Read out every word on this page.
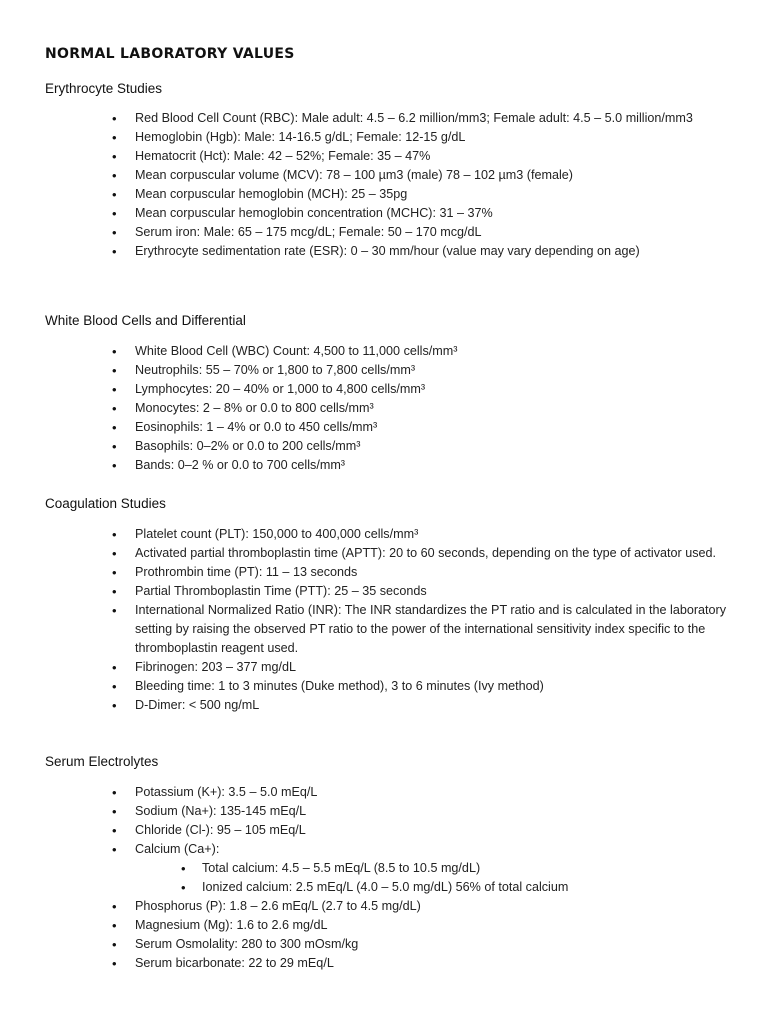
NORMAL LABORATORY VALUES
Erythrocyte Studies
• Red Blood Cell Count (RBC): Male adult: 4.5 – 6.2 million/mm3; Female adult: 4.5 – 5.0 million/mm3
• Hemoglobin (Hgb): Male: 14-16.5 g/dL; Female: 12-15 g/dL
• Hematocrit (Hct): Male: 42 – 52%; Female: 35 – 47%
• Mean corpuscular volume (MCV): 78 – 100 µm3 (male) 78 – 102 µm3 (female)
• Mean corpuscular hemoglobin (MCH): 25 – 35pg
• Mean corpuscular hemoglobin concentration (MCHC): 31 – 37%
• Serum iron: Male: 65 – 175 mcg/dL; Female: 50 – 170 mcg/dL
• Erythrocyte sedimentation rate (ESR): 0 – 30 mm/hour (value may vary depending on age)
White Blood Cells and Differential
• White Blood Cell (WBC) Count: 4,500 to 11,000 cells/mm³
• Neutrophils: 55 – 70% or 1,800 to 7,800 cells/mm³
• Lymphocytes: 20 – 40% or 1,000 to 4,800 cells/mm³
• Monocytes: 2 – 8% or 0.0 to 800 cells/mm³
• Eosinophils: 1 – 4% or 0.0 to 450 cells/mm³
• Basophils: 0–2% or 0.0 to 200 cells/mm³
• Bands: 0–2 % or 0.0 to 700 cells/mm³
Coagulation Studies
• Platelet count (PLT): 150,000 to 400,000 cells/mm³
• Activated partial thromboplastin time (APTT): 20 to 60 seconds, depending on the type of activator used.
• Prothrombin time (PT): 11 – 13 seconds
• Partial Thromboplastin Time (PTT): 25 – 35 seconds
• International Normalized Ratio (INR): The INR standardizes the PT ratio and is calculated in the laboratory setting by raising the observed PT ratio to the power of the international sensitivity index specific to the thromboplastin reagent used.
• Fibrinogen: 203 – 377 mg/dL
• Bleeding time: 1 to 3 minutes (Duke method), 3 to 6 minutes (Ivy method)
• D-Dimer: < 500 ng/mL
Serum Electrolytes
• Potassium (K+): 3.5 – 5.0 mEq/L
• Sodium (Na+): 135-145 mEq/L
• Chloride (Cl-): 95 – 105 mEq/L
• Calcium (Ca+):
• Total calcium: 4.5 – 5.5 mEq/L (8.5 to 10.5 mg/dL)
• Ionized calcium: 2.5 mEq/L (4.0 – 5.0 mg/dL) 56% of total calcium
• Phosphorus (P): 1.8 – 2.6 mEq/L (2.7 to 4.5 mg/dL)
• Magnesium (Mg): 1.6 to 2.6 mg/dL
• Serum Osmolality: 280 to 300 mOsm/kg
• Serum bicarbonate: 22 to 29 mEq/L
